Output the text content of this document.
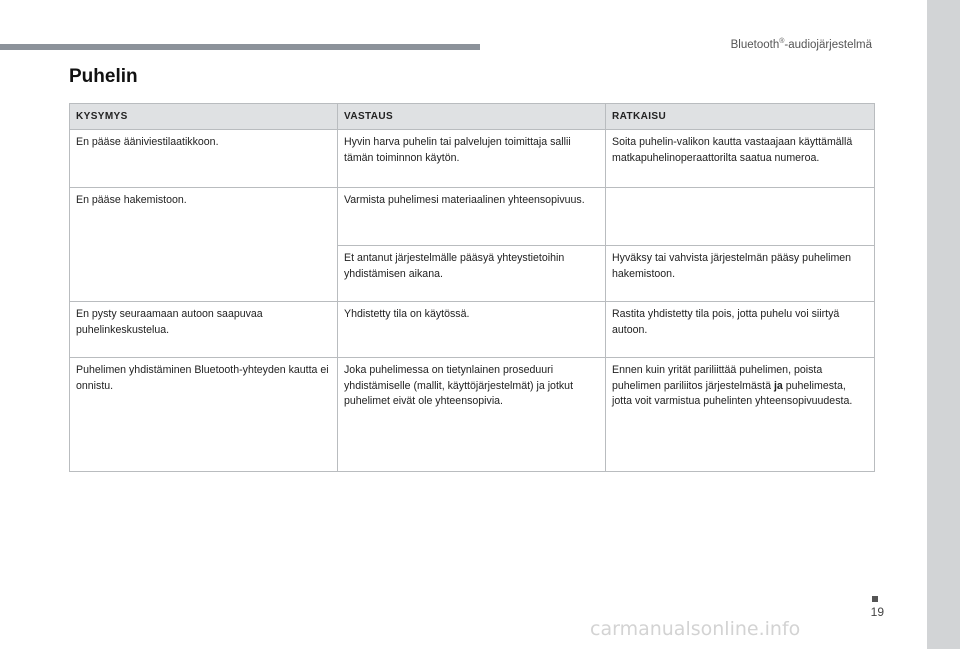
Bluetooth®-audiojärjestelmä
Puhelin
KYSYMYS	VASTAUS	RATKAISU
En pääse ääniviestilaatikkoon.	Hyvin harva puhelin tai palvelujen toimittaja sallii tämän toiminnon käytön.	Soita puhelin-valikon kautta vastaajaan käyttämällä matkapuhelinoperaattorilta saatua numeroa.
En pääse hakemistoon.	Varmista puhelimesi materiaalinen yhteensopivuus.	
	Et antanut järjestelmälle pääsyä yhteystietoihin yhdistämisen aikana.	Hyväksy tai vahvista järjestelmän pääsy puhelimen hakemistoon.
En pysty seuraamaan autoon saapuvaa puhelinkeskustelua.	Yhdistetty tila on käytössä.	Rastita yhdistetty tila pois, jotta puhelu voi siirtyä autoon.
Puhelimen yhdistäminen Bluetooth-yhteyden kautta ei onnistu.	Joka puhelimessa on tietynlainen proseduuri yhdistämiselle (mallit, käyttöjärjestelmät) ja jotkut puhelimet eivät ole yhteensopivia.	Ennen kuin yrität pariliittää puhelimen, poista puhelimen pariliitos järjestelmästä ja puhelimesta, jotta voit varmistua puhelinten yhteensopivuudesta.
19
carmanualsonline.info
